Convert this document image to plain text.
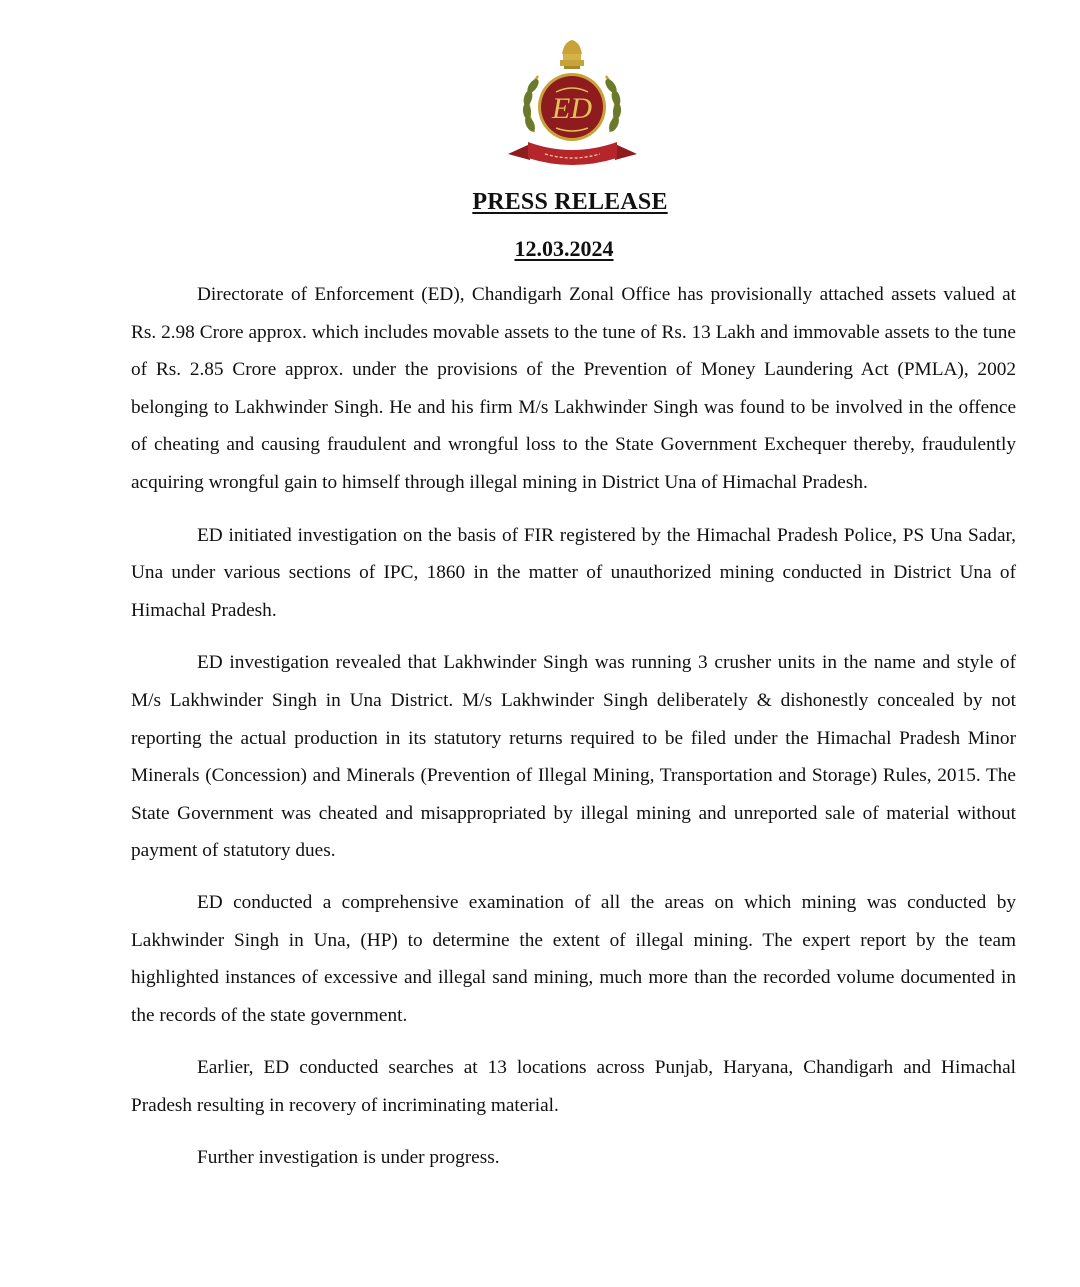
ED
PRESS RELEASE
12.03.2024

Directorate of Enforcement (ED), Chandigarh Zonal Office has provisionally attached assets valued at Rs. 2.98 Crore approx. which includes movable assets to the tune of Rs. 13 Lakh and immovable assets to the tune of Rs. 2.85 Crore approx. under the provisions of the Prevention of Money Laundering Act (PMLA), 2002 belonging to Lakhwinder Singh. He and his firm M/s Lakhwinder Singh was found to be involved in the offence of cheating and causing fraudulent and wrongful loss to the State Government Exchequer thereby, fraudulently acquiring wrongful gain to himself through illegal mining in District Una of Himachal Pradesh.

ED initiated investigation on the basis of FIR registered by the Himachal Pradesh Police, PS Una Sadar, Una under various sections of IPC, 1860 in the matter of unauthorized mining conducted in District Una of Himachal Pradesh.

ED investigation revealed that Lakhwinder Singh was running 3 crusher units in the name and style of M/s Lakhwinder Singh in Una District. M/s Lakhwinder Singh deliberately & dishonestly concealed by not reporting the actual production in its statutory returns required to be filed under the Himachal Pradesh Minor Minerals (Concession) and Minerals (Prevention of Illegal Mining, Transportation and Storage) Rules, 2015. The State Government was cheated and misappropriated by illegal mining and unreported sale of material without payment of statutory dues.

ED conducted a comprehensive examination of all the areas on which mining was conducted by Lakhwinder Singh in Una, (HP) to determine the extent of illegal mining. The expert report by the team highlighted instances of excessive and illegal sand mining, much more than the recorded volume documented in the records of the state government.

Earlier, ED conducted searches at 13 locations across Punjab, Haryana, Chandigarh and Himachal Pradesh resulting in recovery of incriminating material.

Further investigation is under progress.
